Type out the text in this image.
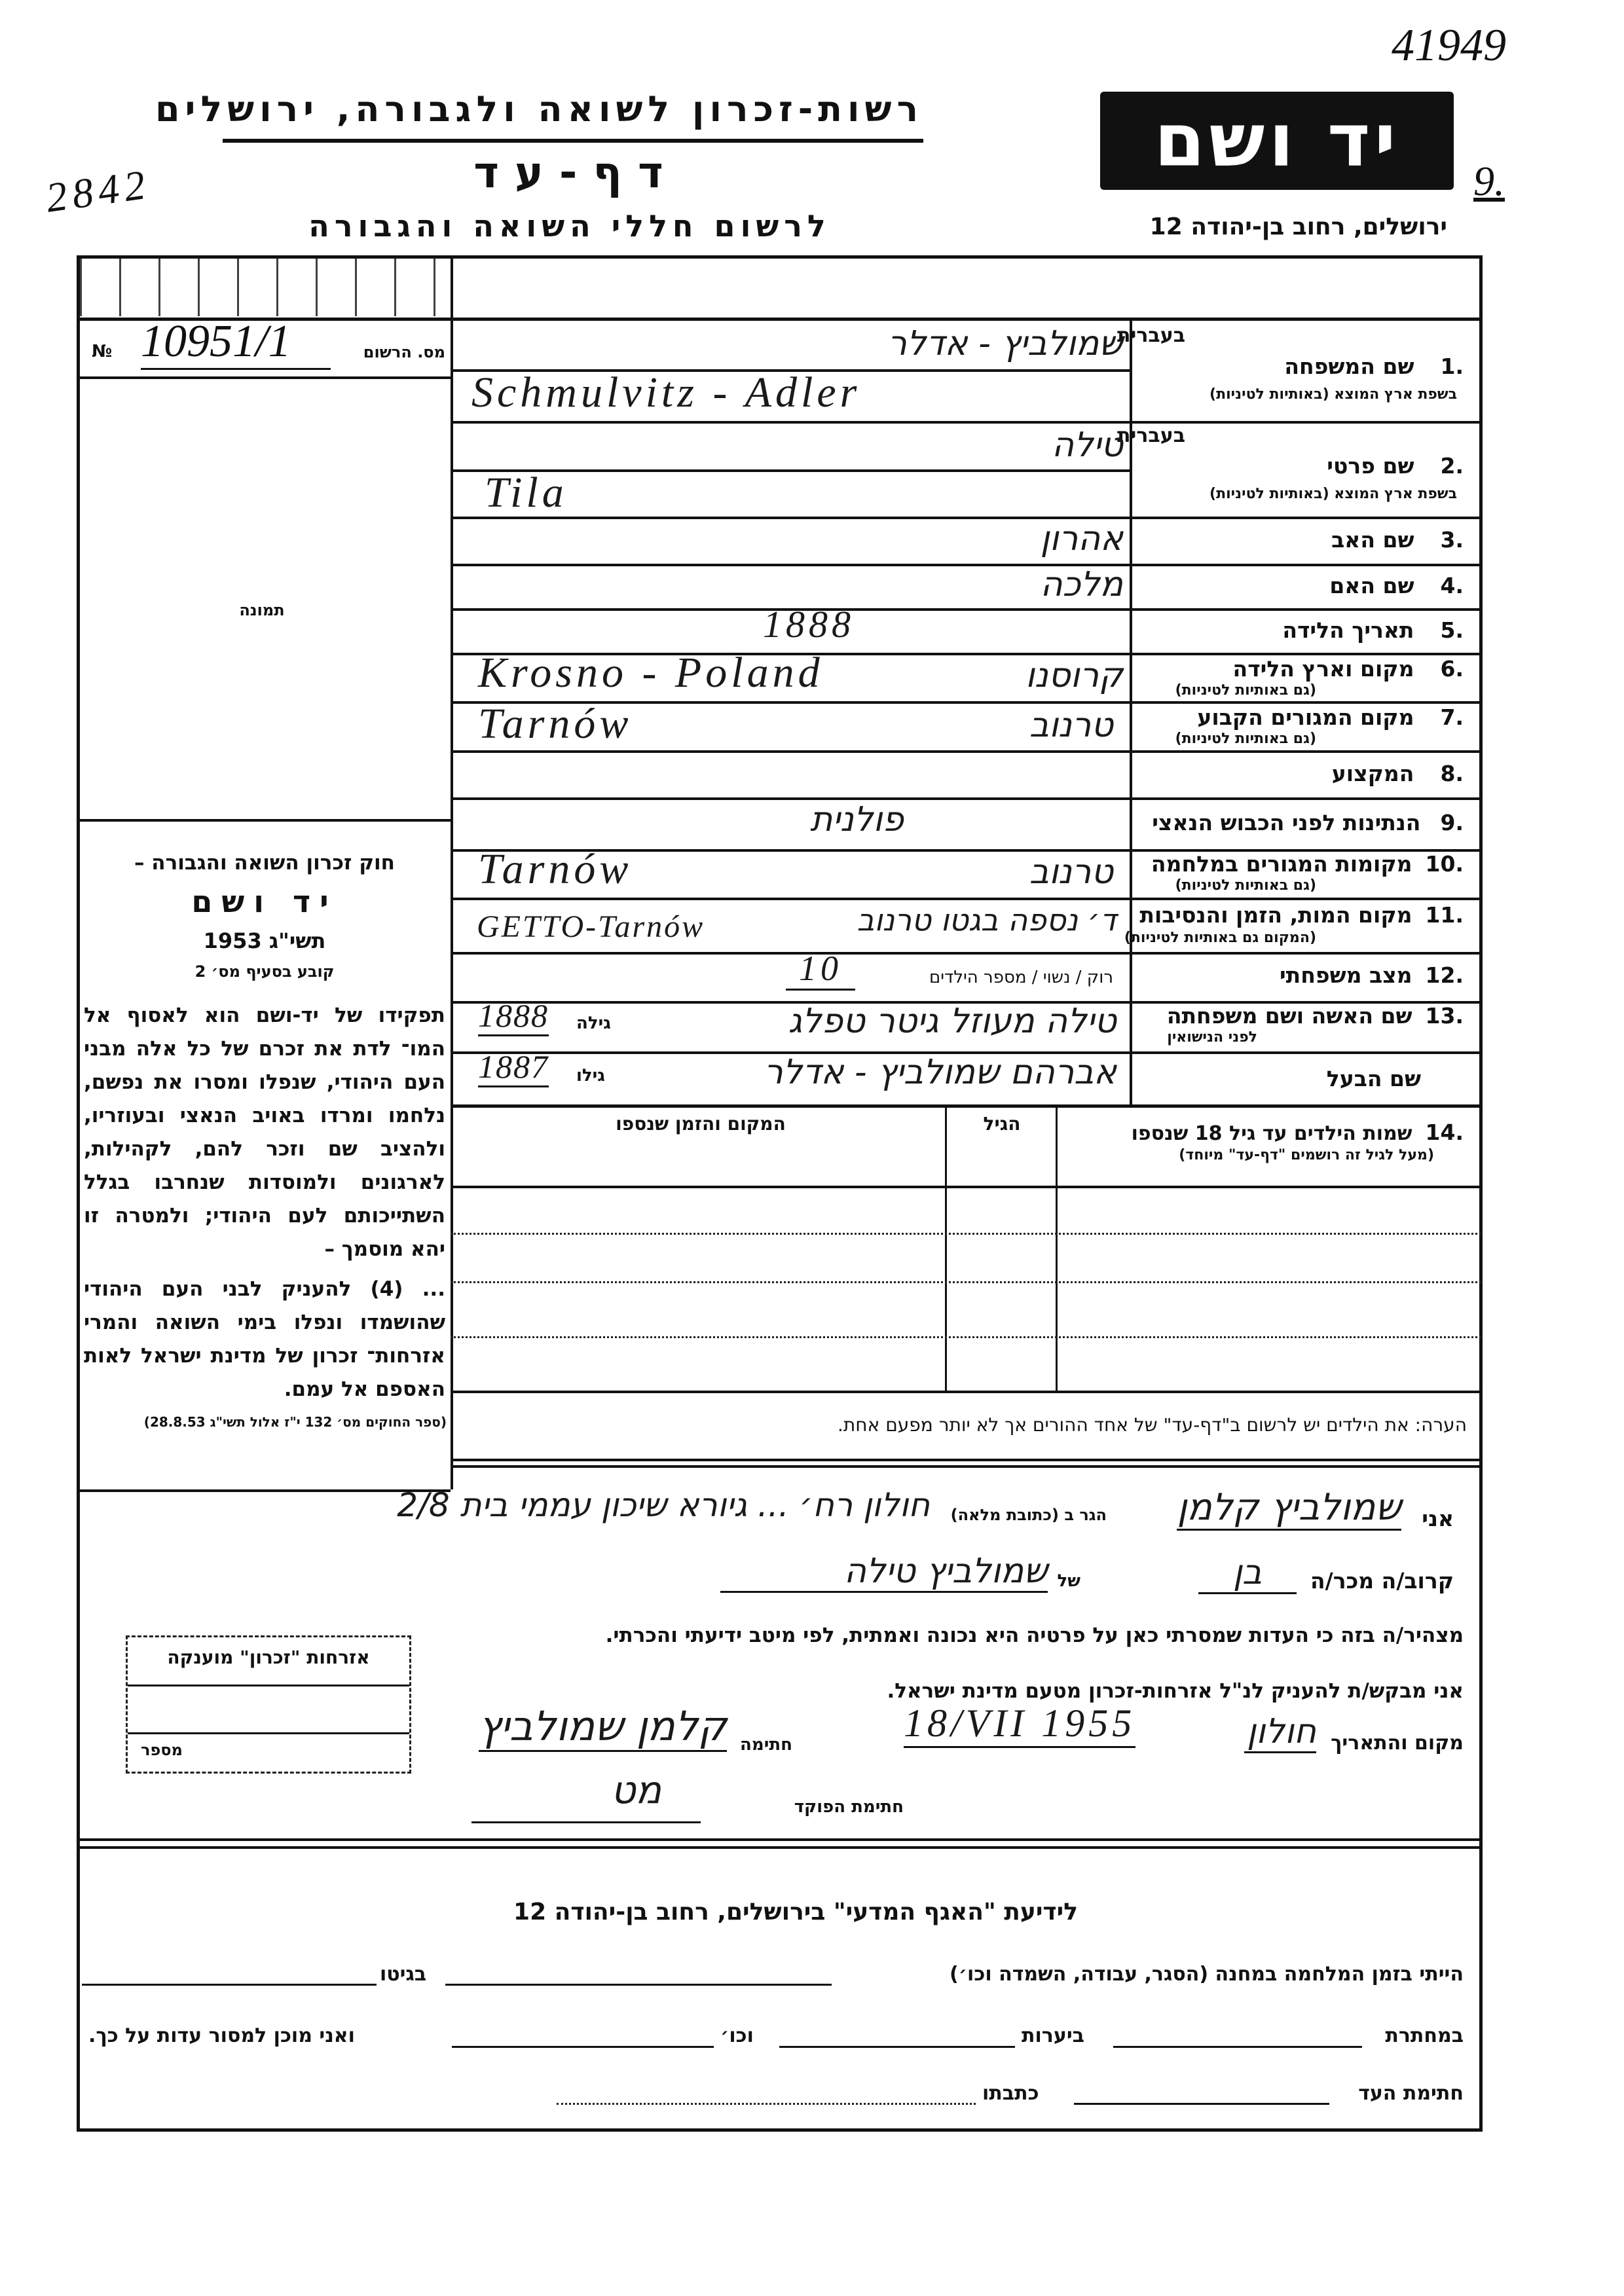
41949
9.
2842
רשות-זכרון לשואה ולגבורה, ירושלים
דף-עד
לרשום חללי השואה והגבורה
יד ושם
ירושלים, רחוב בן-יהודה 12
מס. הרשום
№ 10951/1
תמונה
חוק זכרון השואה והגבורה –
יד ושם
תשי"ג 1953
קובע בסעיף מס׳ 2
תפקידו של יד-ושם הוא לאסוף אל המו־ לדת את זכרם של כל אלה מבני העם היהודי, שנפלו ומסרו את נפשם, נלחמו ומרדו באויב הנאצי ובעוזריו, ולהציב שם וזכר להם, לקהילות, לארגונים ולמוסדות שנחרבו בגלל השתייכותם לעם היהודי; ולמטרה זו יהא מוסמך –
... (4) להעניק לבני העם היהודי שהושמדו ונפלו בימי השואה והמרי אזרחות־ זכרון של מדינת ישראל לאות האספם אל עמם.
(ספר החוקים מס׳ 132 י"ז אלול תשי"ג 28.8.53)
אזרחות "זכרון" מוענקה
מספר
בעברית
.1שם המשפחה
בשפת ארץ המוצא (באותיות לטיניות)
בעברית
.2שם פרטי
בשפת ארץ המוצא (באותיות לטיניות)
.3שם האב
.4שם האם
.5תאריך הלידה
.6מקום וארץ הלידה
(גם באותיות לטיניות)
.7מקום המגורים הקבוע
(גם באותיות לטיניות)
.8המקצוע
.9הנתינות לפני הכבוש הנאצי
.10מקומות המגורים במלחמה
(גם באותיות לטיניות)
.11מקום המות, הזמן והנסיבות
(המקום גם באותיות לטיניות)
.12מצב משפחתי
.13שם האשה ושם משפחתה
לפני הנישואין
שם הבעל
שמולביץ - אדלר
Schmulvitz - Adler
טילה
Tila
אהרון
מלכה
1888
קרוסנו
Krosno - Poland
טרנוב
Tarnów
פולנית
טרנוב
Tarnów
ד׳ נספה בגטו טרנוב
GETTO-Tarnów
רוק / נשוי / מספר הילדים
10
1888 גילה	טילה מעוזל גיטר טפלג
1887 גילו	אברהם שמולביץ - אדלר
.14שמות הילדים עד גיל 18 שנספו
(מעל לגיל זה רושמים "דף-עד" מיוחד)
הגיל
המקום והזמן שנספו
הערה: את הילדים יש לרשום ב"דף-עד" של אחד ההורים אך לא יותר מפעם אחת.
אני
שמולביץ קלמן
הגר ב (כתובת מלאה)
חולון רח׳ ... גיורא שיכון עממי בית 2/8
קרוב/ה מכר/ה
בן
של
שמולביץ טילה
מצהיר/ה בזה כי העדות שמסרתי כאן על פרטיה היא נכונה ואמתית, לפי מיטב ידיעתי והכרתי.
אני מבקש/ת להעניק לנ"ל אזרחות-זכרון מטעם מדינת ישראל.
מקום והתאריך
חולון
18/VII 1955
חתימה
קלמן שמולביץ
חתימת הפוקד
מט
לידיעת "האגף המדעי" בירושלים, רחוב בן-יהודה 12
הייתי בזמן המלחמה במחנה (הסגר, עבודה, השמדה וכו׳)
בגיטו
במחתרת
ביערות
וכו׳
ואני מוכן למסור עדות על כך.
חתימת העד
כתבתו
